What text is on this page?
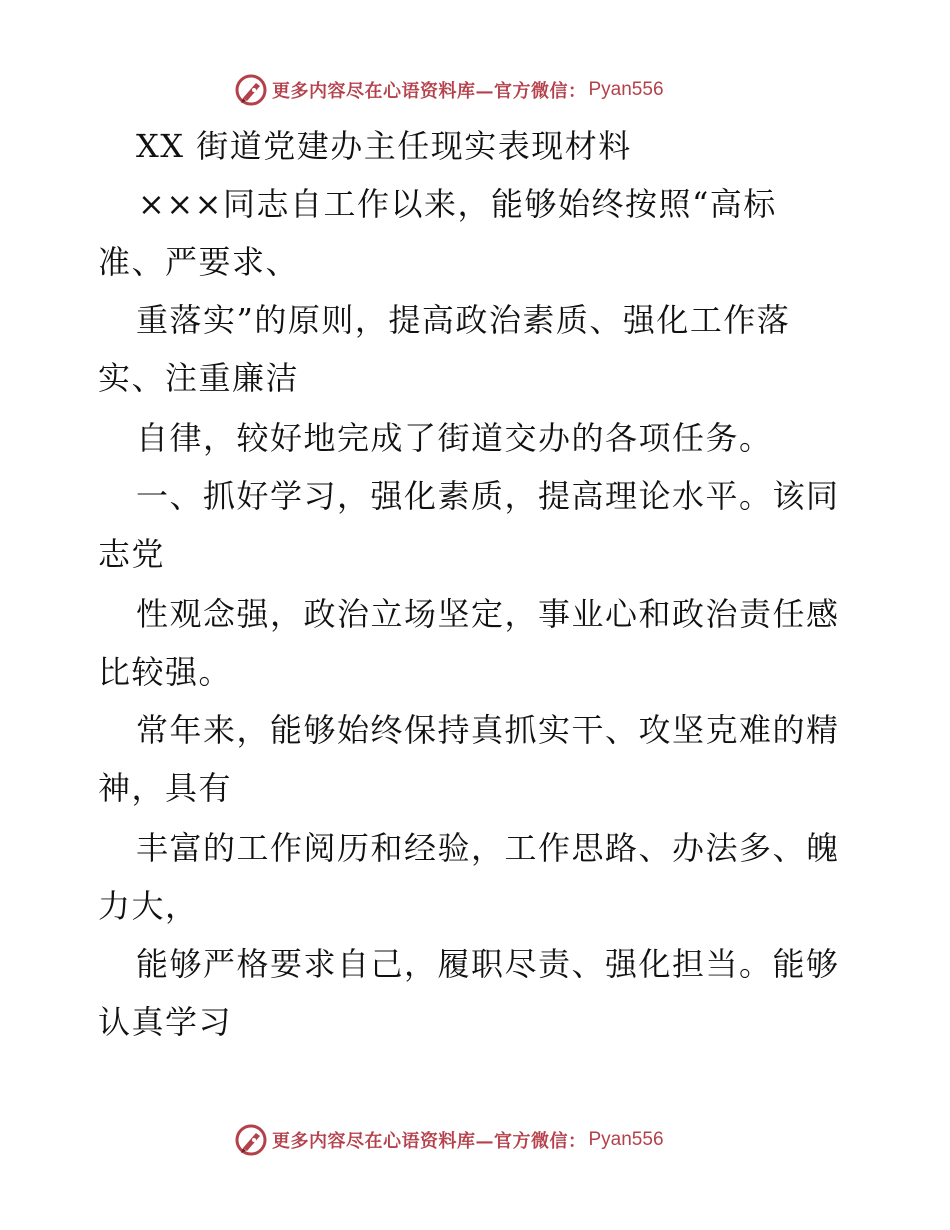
更多内容尽在心语资料库—官方微信： Pyan556
XX 街道党建办主任现实表现材料
×××同志自工作以来，能够始终按照“高标
准、严要求、
重落实”的原则，提高政治素质、强化工作落
实、注重廉洁
自律，较好地完成了街道交办的各项任务。
一、抓好学习，强化素质，提高理论水平。该同
志党
性观念强，政治立场坚定，事业心和政治责任感
比较强。
常年来，能够始终保持真抓实干、攻坚克难的精
神，具有
丰富的工作阅历和经验，工作思路、办法多、魄
力大，
能够严格要求自己，履职尽责、强化担当。能够
认真学习
更多内容尽在心语资料库—官方微信： Pyan556
